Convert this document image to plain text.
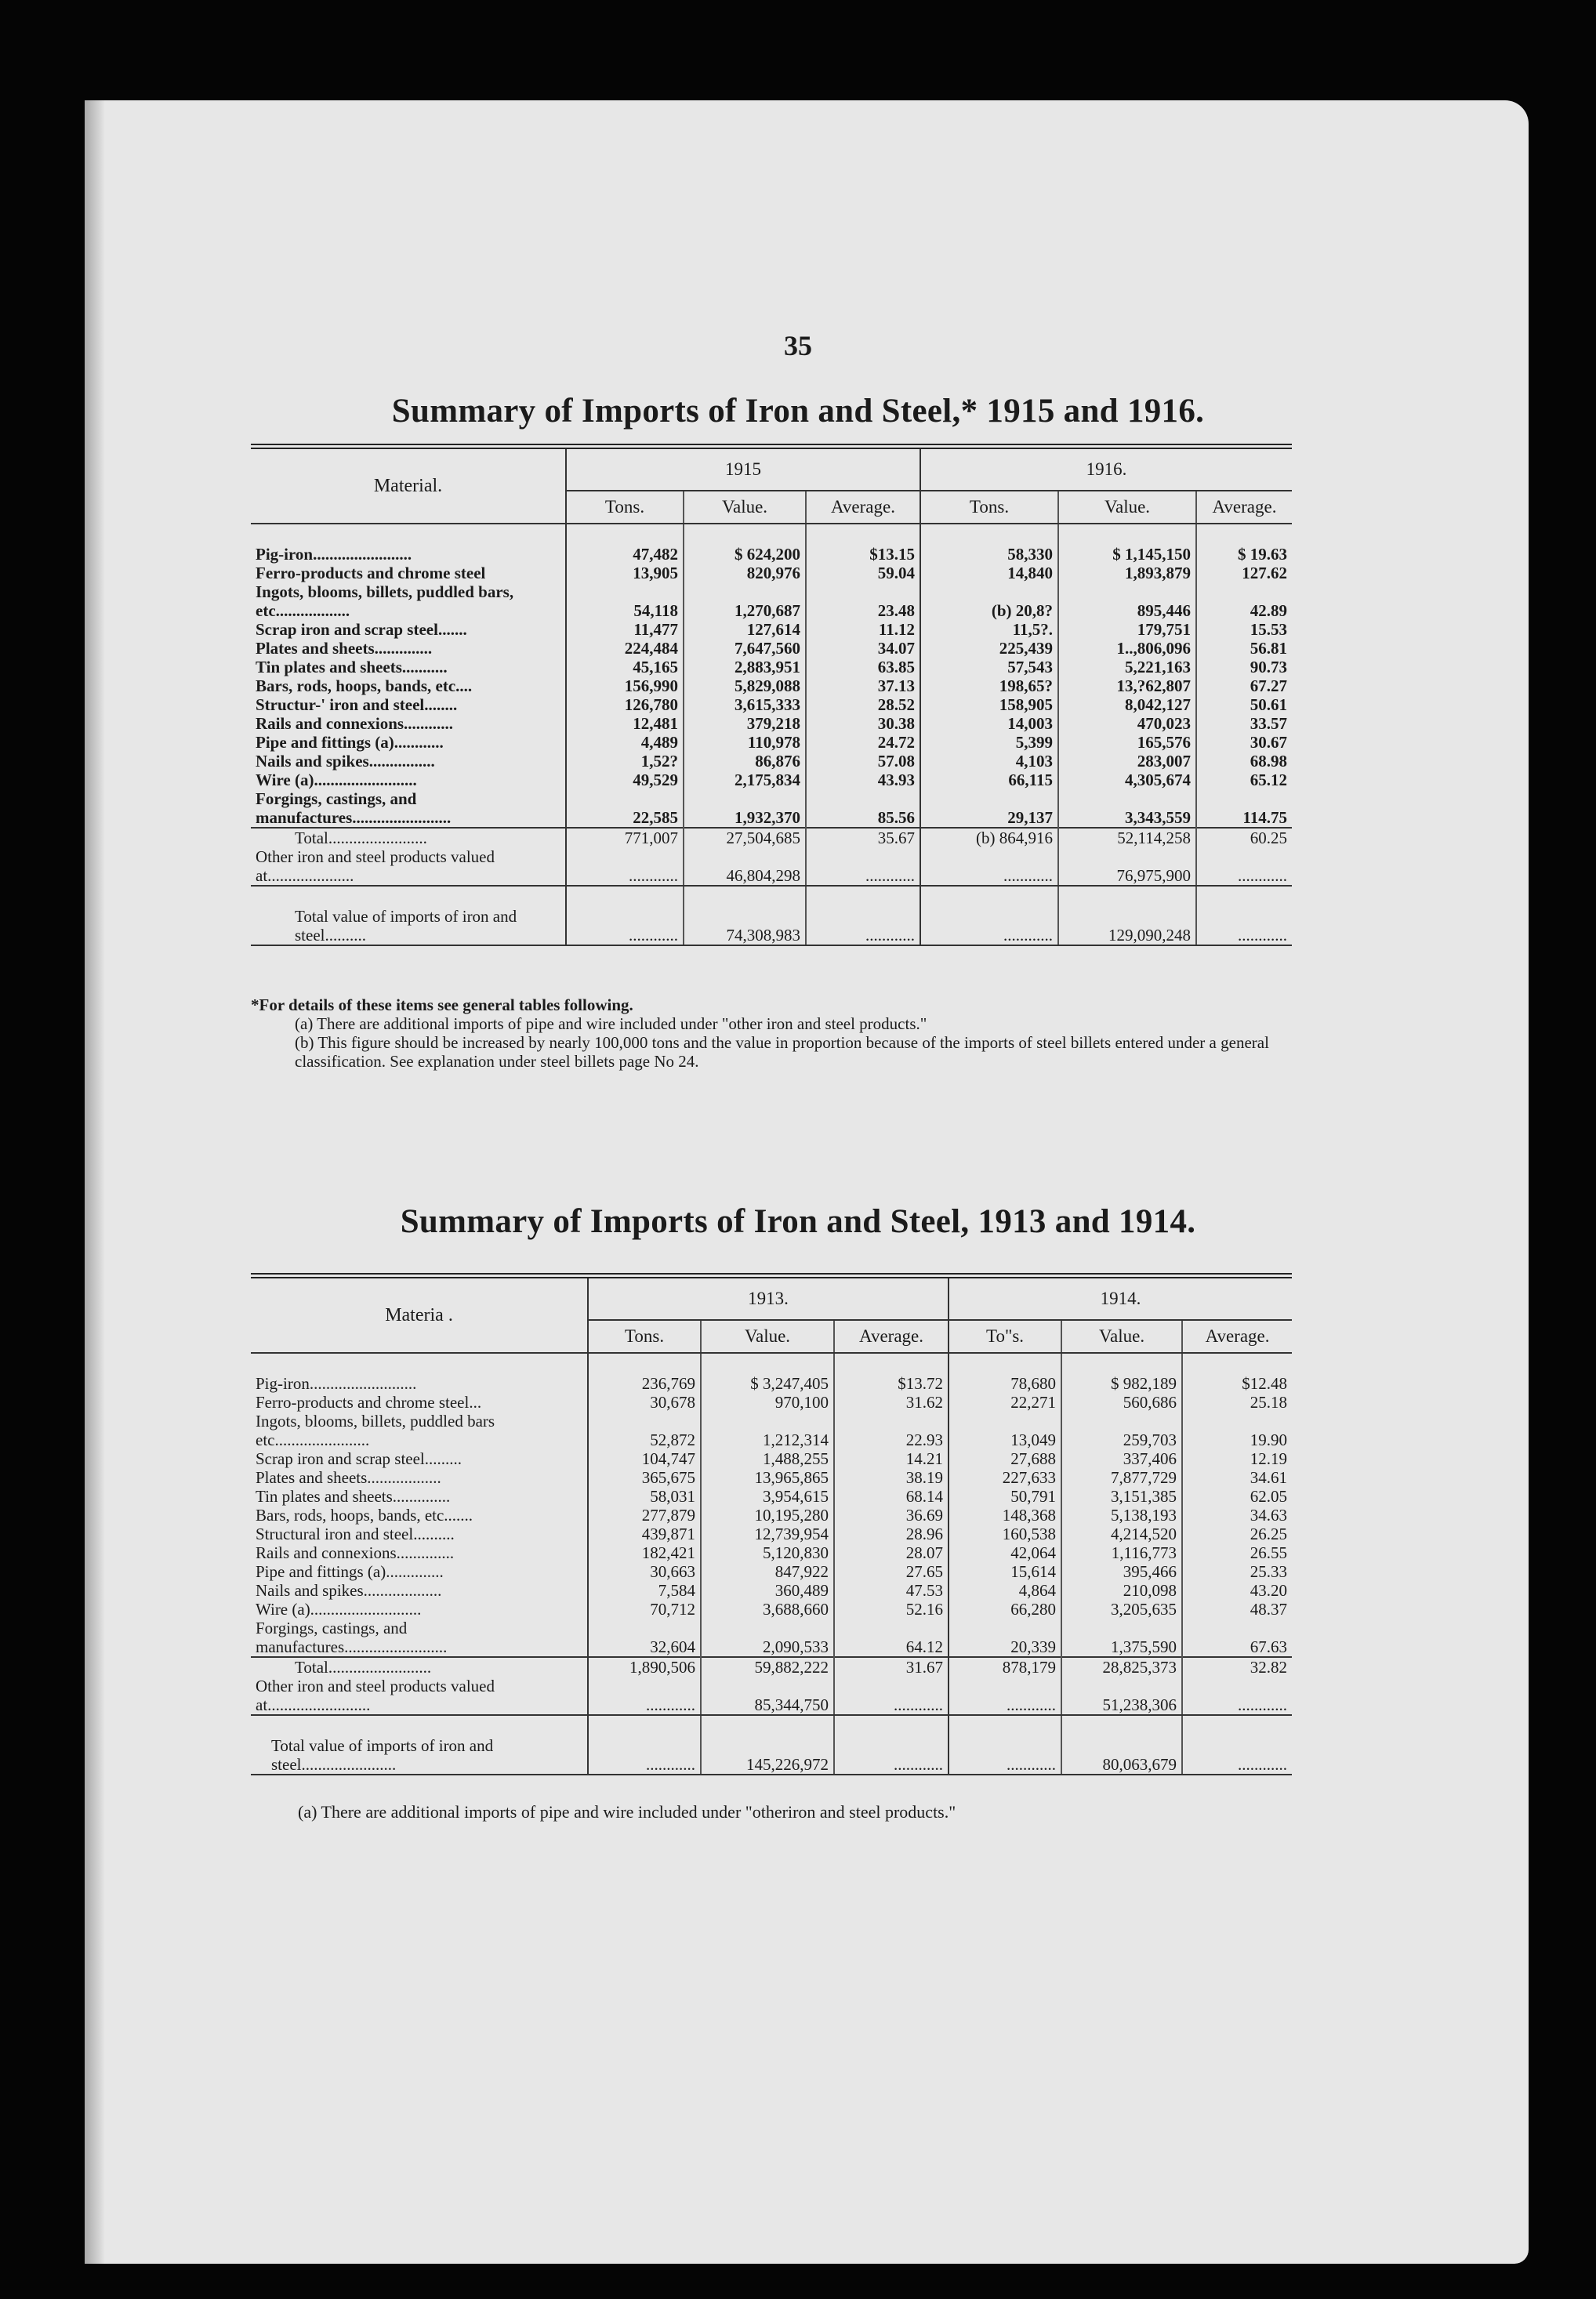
35
Summary of Imports of Iron and Steel,* 1915 and 1916.
Summary of Imports of Iron and Steel, 1913 and 1914.
Material.	1915			1916.		
	Tons.	Value.	Average.	Tons.	Value.	Average.

Pig-iron........................	47,482	$ 624,200	$13.15	58,330	$ 1,145,150	$ 19.63
Ferro-products and chrome steel	13,905	820,976	59.04	14,840	1,893,879	127.62
Ingots, blooms, billets, puddled bars, etc..................	54,118	1,270,687	23.48	(b) 20,8?	895,446	42.89
Scrap iron and scrap steel.......	11,477	127,614	11.12	11,5?.	179,751	15.53
Plates and sheets..............	224,484	7,647,560	34.07	225,439	1..,806,096	56.81
Tin plates and sheets...........	45,165	2,883,951	63.85	57,543	5,221,163	90.73
Bars, rods, hoops, bands, etc....	156,990	5,829,088	37.13	198,65?	13,?62,807	67.27
Structur-' iron and steel........	126,780	3,615,333	28.52	158,905	8,042,127	50.61
Rails and connexions............	12,481	379,218	30.38	14,003	470,023	33.57
Pipe and fittings (a)............	4,489	110,978	24.72	5,399	165,576	30.67
Nails and spikes................	1,52?	86,876	57.08	4,103	283,007	68.98
Wire (a).........................	49,529	2,175,834	43.93	66,115	4,305,674	65.12
Forgings, castings, and manufactures........................	22,585	1,932,370	85.56	29,137	3,343,559	114.75
Total........................	771,007	27,504,685	35.67	(b) 864,916	52,114,258	60.25
Other iron and steel products valued at.....................	............	46,804,298	............	............	76,975,900	............

Total value of imports of iron and steel..........	............	74,308,983	............	............	129,090,248	............
*For details of these items see general tables following.
(a) There are additional imports of pipe and wire included under "other iron and steel products."
(b) This figure should be increased by nearly 100,000 tons and the value in proportion because of the imports of steel billets entered under a general classification. See explanation under steel billets page No 24.
Materia .	1913.			1914.		
	Tons.	Value.	Average.	To"s.	Value.	Average.

Pig-iron..........................	236,769	$ 3,247,405	$13.72	78,680	$ 982,189	$12.48
Ferro-products and chrome steel...	30,678	970,100	31.62	22,271	560,686	25.18
Ingots, blooms, billets, puddled bars etc.......................	52,872	1,212,314	22.93	13,049	259,703	19.90
Scrap iron and scrap steel.........	104,747	1,488,255	14.21	27,688	337,406	12.19
Plates and sheets..................	365,675	13,965,865	38.19	227,633	7,877,729	34.61
Tin plates and sheets..............	58,031	3,954,615	68.14	50,791	3,151,385	62.05
Bars, rods, hoops, bands, etc.......	277,879	10,195,280	36.69	148,368	5,138,193	34.63
Structural iron and steel..........	439,871	12,739,954	28.96	160,538	4,214,520	26.25
Rails and connexions..............	182,421	5,120,830	28.07	42,064	1,116,773	26.55
Pipe and fittings (a)..............	30,663	847,922	27.65	15,614	395,466	25.33
Nails and spikes...................	7,584	360,489	47.53	4,864	210,098	43.20
Wire (a)...........................	70,712	3,688,660	52.16	66,280	3,205,635	48.37
Forgings, castings, and manufactures.........................	32,604	2,090,533	64.12	20,339	1,375,590	67.63
Total.........................	1,890,506	59,882,222	31.67	878,179	28,825,373	32.82
Other iron and steel products valued at.........................	............	85,344,750	............	............	51,238,306	............

Total value of imports of iron and steel.......................	............	145,226,972	............	............	80,063,679	............
(a) There are additional imports of pipe and wire included under "otheriron and steel products."
